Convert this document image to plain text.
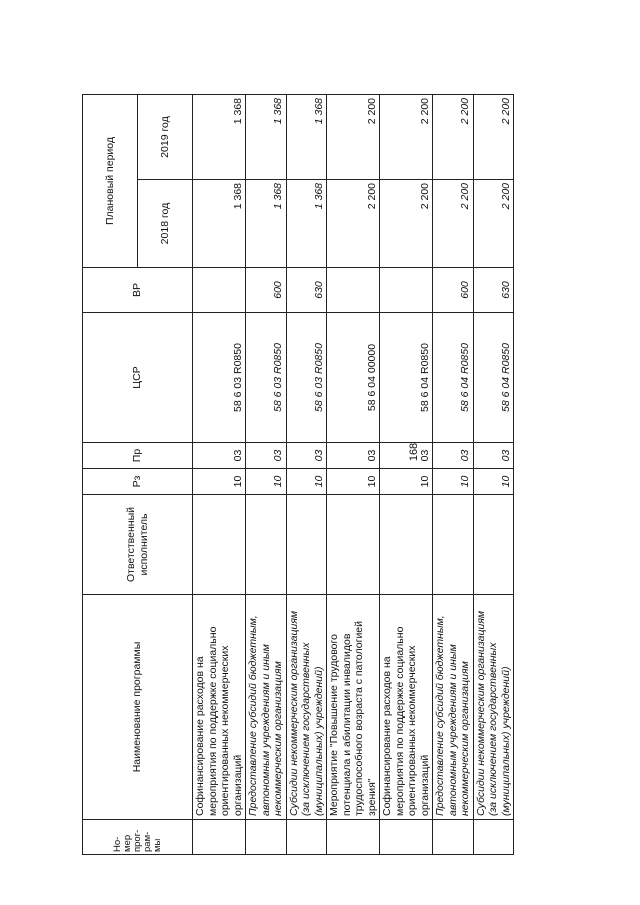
168
Но-
мер
прог-
рам-
мы	Наименование программы	Ответственный исполнитель	Рз	Пр	ЦСР	ВР	Плановый период	
							2018 год	2019 год
	Софинансирование расходов на мероприятия по поддержке социально ориентированных некоммерческих организаций		10	03	58 6 03 R0850		1 368	1 368
	Предоставление субсидий бюджетным, автономным учреждениям и иным некоммерческим организациям		10	03	58 6 03 R0850	600	1 368	1 368
	Субсидии некоммерческим организациям (за исключением государственных (муниципальных) учреждений)		10	03	58 6 03 R0850	630	1 368	1 368
	Мероприятие "Повышение трудового потенциала и абилитации инвалидов трудоспособного возраста с патологией зрения"		10	03	58 6 04 00000		2 200	2 200
	Софинансирование расходов на мероприятия по поддержке социально ориентированных некоммерческих организаций		10	03	58 6 04 R0850		2 200	2 200
	Предоставление субсидий бюджетным, автономным учреждениям и иным некоммерческим организациям		10	03	58 6 04 R0850	600	2 200	2 200
	Субсидии некоммерческим организациям (за исключением государственных (муниципальных) учреждений)		10	03	58 6 04 R0850	630	2 200	2 200
